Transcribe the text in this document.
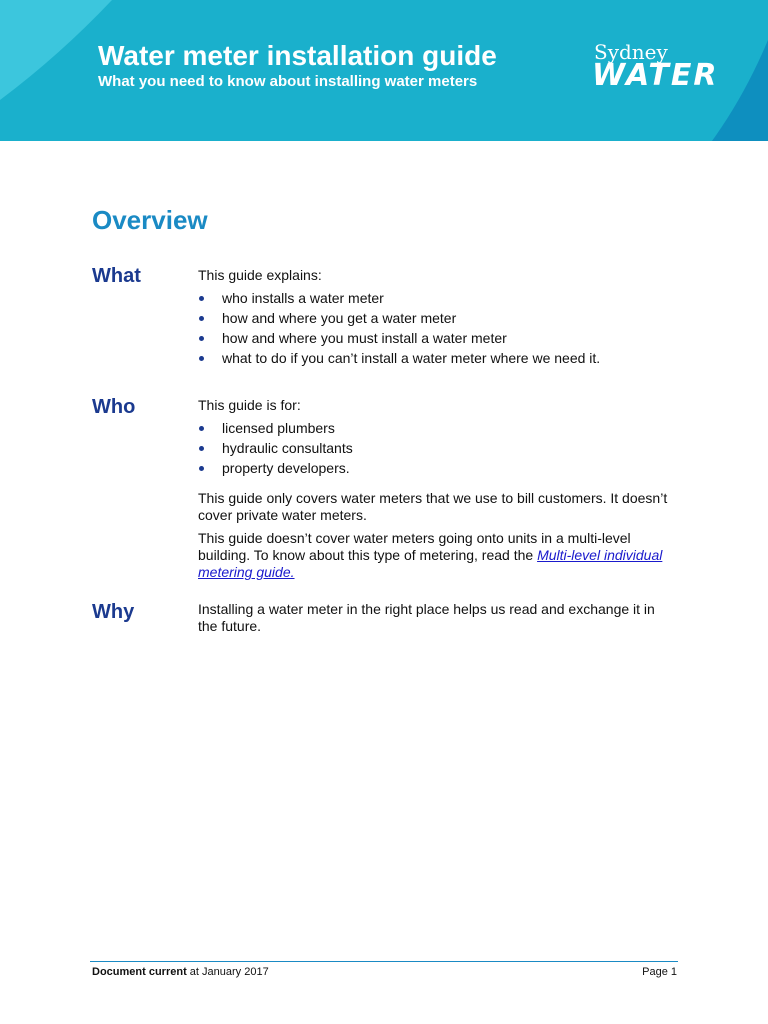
Water meter installation guide
What you need to know about installing water meters
Sydney
WATER
Overview
What	This guide explains:

who installs a water meter
how and where you get a water meter
how and where you must install a water meter
what to do if you can’t install a water meter where we need it.
Who	This guide is for:

licensed plumbers
hydraulic consultants
property developers.

This guide only covers water meters that we use to bill customers. It doesn’t cover private water meters.

This guide doesn’t cover water meters going onto units in a multi-level building. To know about this type of metering, read the Multi-level individual metering guide.

Why	Installing a water meter in the right place helps us read and exchange it in the future.

Document current at January 2017	Page 1
